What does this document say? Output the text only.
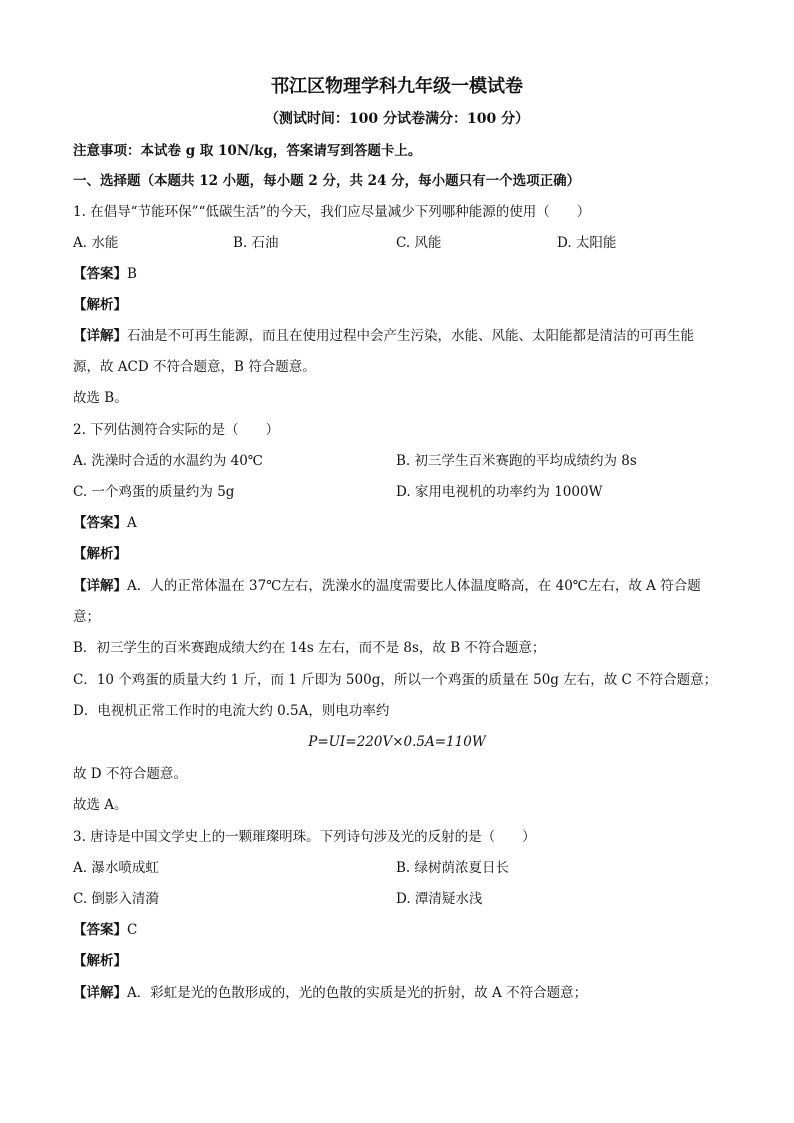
邗江区物理学科九年级一模试卷
（测试时间：100 分试卷满分：100 分）
注意事项：本试卷 g 取 10N/kg，答案请写到答题卡上。
一、选择题（本题共 12 小题，每小题 2 分，共 24 分，每小题只有一个选项正确）
1. 在倡导“节能环保”“低碳生活”的今天，我们应尽量减少下列哪种能源的使用（　　）
A. 水能	B. 石油	C. 风能	D. 太阳能
【答案】B
【解析】
【详解】石油是不可再生能源，而且在使用过程中会产生污染，水能、风能、太阳能都是清洁的可再生能
源，故 ACD 不符合题意，B 符合题意。
故选 B。
2. 下列估测符合实际的是（　　）
A. 洗澡时合适的水温约为 40℃	B. 初三学生百米赛跑的平均成绩约为 8s
C. 一个鸡蛋的质量约为 5g	D. 家用电视机的功率约为 1000W
【答案】A
【解析】
【详解】A．人的正常体温在 37℃左右，洗澡水的温度需要比人体温度略高，在 40℃左右，故 A 符合题
意；
B．初三学生的百米赛跑成绩大约在 14s 左右，而不是 8s，故 B 不符合题意；
C．10 个鸡蛋的质量大约 1 斤，而 1 斤即为 500g，所以一个鸡蛋的质量在 50g 左右，故 C 不符合题意；
D．电视机正常工作时的电流大约 0.5A，则电功率约
P=UI=220V×0.5A=110W
故 D 不符合题意。
故选 A。
3. 唐诗是中国文学史上的一颗璀璨明珠。下列诗句涉及光的反射的是（　　）
A. 瀑水喷成虹	B. 绿树荫浓夏日长
C. 倒影入清漪	D. 潭清疑水浅
【答案】C
【解析】
【详解】A．彩虹是光的色散形成的，光的色散的实质是光的折射，故 A 不符合题意；
